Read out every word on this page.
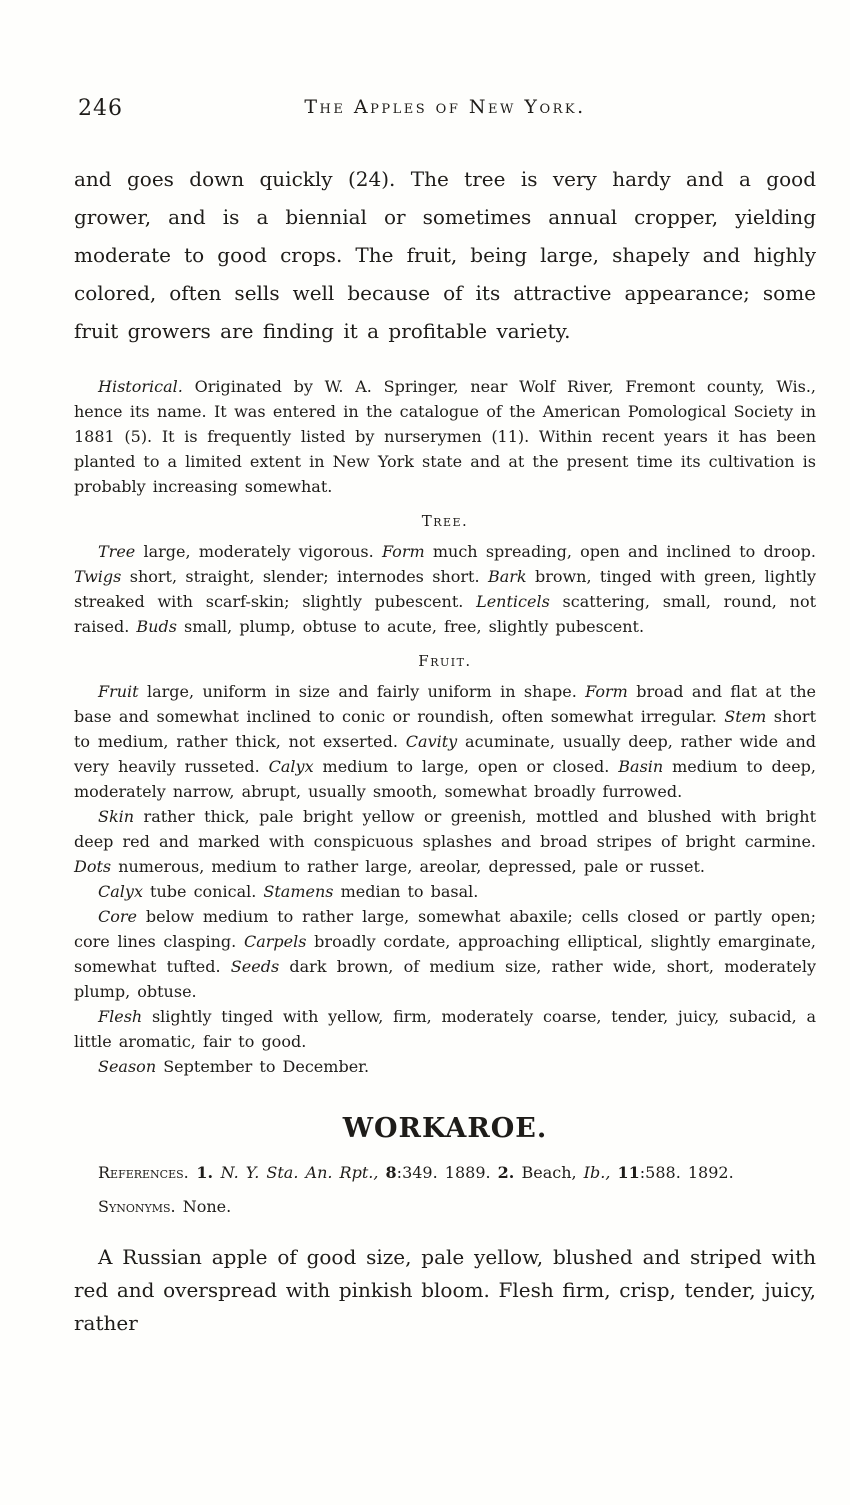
246	The Apples of New York.

and goes down quickly (24). The tree is very hardy and a good grower, and is a biennial or sometimes annual cropper, yielding moderate to good crops. The fruit, being large, shapely and highly colored, often sells well because of its attractive appearance; some fruit growers are finding it a profitable variety.

Historical. Originated by W. A. Springer, near Wolf River, Fremont county, Wis., hence its name. It was entered in the catalogue of the American Pomological Society in 1881 (5). It is frequently listed by nurserymen (11). Within recent years it has been planted to a limited extent in New York state and at the present time its cultivation is probably increasing somewhat.

Tree.

Tree large, moderately vigorous. Form much spreading, open and inclined to droop. Twigs short, straight, slender; internodes short. Bark brown, tinged with green, lightly streaked with scarf-skin; slightly pubescent. Lenticels scattering, small, round, not raised. Buds small, plump, obtuse to acute, free, slightly pubescent.

Fruit.

Fruit large, uniform in size and fairly uniform in shape. Form broad and flat at the base and somewhat inclined to conic or roundish, often somewhat irregular. Stem short to medium, rather thick, not exserted. Cavity acuminate, usually deep, rather wide and very heavily russeted. Calyx medium to large, open or closed. Basin medium to deep, moderately narrow, abrupt, usually smooth, somewhat broadly furrowed.

Skin rather thick, pale bright yellow or greenish, mottled and blushed with bright deep red and marked with conspicuous splashes and broad stripes of bright carmine. Dots numerous, medium to rather large, areolar, depressed, pale or russet.

Calyx tube conical. Stamens median to basal.

Core below medium to rather large, somewhat abaxile; cells closed or partly open; core lines clasping. Carpels broadly cordate, approaching elliptical, slightly emarginate, somewhat tufted. Seeds dark brown, of medium size, rather wide, short, moderately plump, obtuse.

Flesh slightly tinged with yellow, firm, moderately coarse, tender, juicy, subacid, a little aromatic, fair to good.

Season September to December.

WORKAROE.

References. 1. N. Y. Sta. An. Rpt., 8:349. 1889. 2. Beach, Ib., 11:588. 1892.

Synonyms. None.

A Russian apple of good size, pale yellow, blushed and striped with red and overspread with pinkish bloom. Flesh firm, crisp, tender, juicy, rather
